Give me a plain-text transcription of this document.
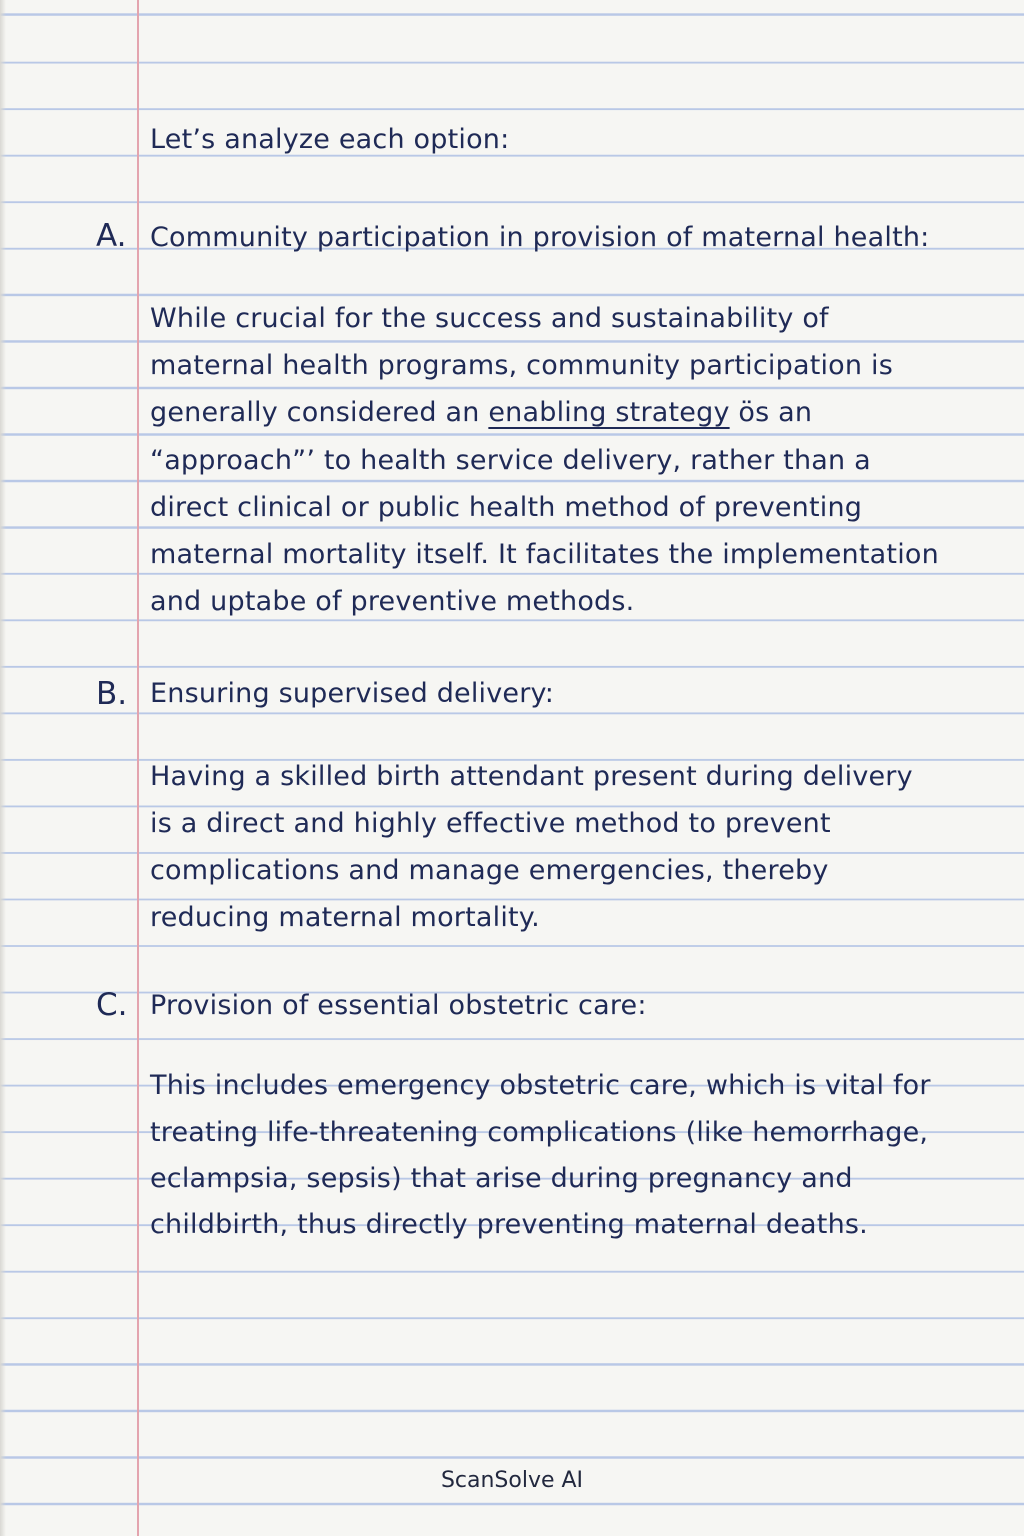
Let’s analyze each option:
A. Community participation in provision of maternal health:
While crucial for the success and sustainability of
maternal health programs, community participation is
generally considered an enabling strategy ös an
“approach”’ to health service delivery, rather than a
direct clinical or public health method of preventing
maternal mortality itself. It facilitates the implementation
and uptabe of preventive methods.
B. Ensuring supervised delivery:
Having a skilled birth attendant present during delivery
is a direct and highly effective method to prevent
complications and manage emergencies, thereby
reducing maternal mortality.
C. Provision of essential obstetric care:
This includes emergency obstetric care, which is vital for
treating life-threatening complications (like hemorrhage,
eclampsia, sepsis) that arise during pregnancy and
childbirth, thus directly preventing maternal deaths.
ScanSolve AI
